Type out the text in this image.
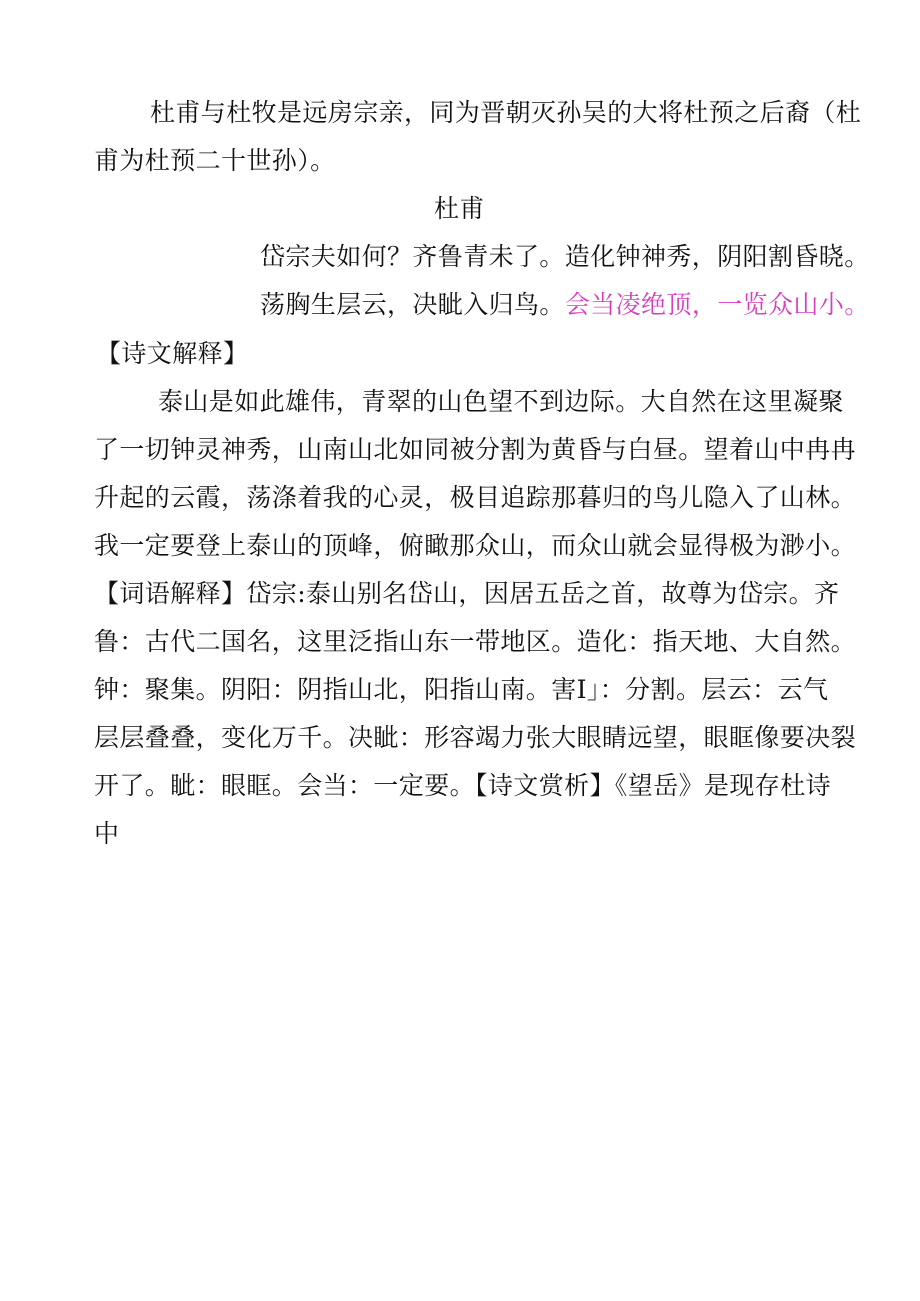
杜甫与杜牧是远房宗亲，同为晋朝灭孙吴的大将杜预之后裔（杜
甫为杜预二十世孙）。
杜甫
岱宗夫如何？齐鲁青未了。造化钟神秀，阴阳割昏晓。
荡胸生层云，决眦入归鸟。会当凌绝顶，一览众山小。
【诗文解释】
泰山是如此雄伟，青翠的山色望不到边际。大自然在这里凝聚
了一切钟灵神秀，山南山北如同被分割为黄昏与白昼。望着山中冉冉
升起的云霞，荡涤着我的心灵，极目追踪那暮归的鸟儿隐入了山林。
我一定要登上泰山的顶峰，俯瞰那众山，而众山就会显得极为渺小。
【词语解释】岱宗:泰山别名岱山，因居五岳之首，故尊为岱宗。齐
鲁：古代二国名，这里泛指山东一带地区。造化：指天地、大自然。
钟：聚集。阴阳：阴指山北，阳指山南。害I」：分割。层云：云气
层层叠叠，变化万千。决眦：形容竭力张大眼睛远望，眼眶像要决裂
开了。眦：眼眶。会当：一定要。【诗文赏析】《望岳》是现存杜诗
中
